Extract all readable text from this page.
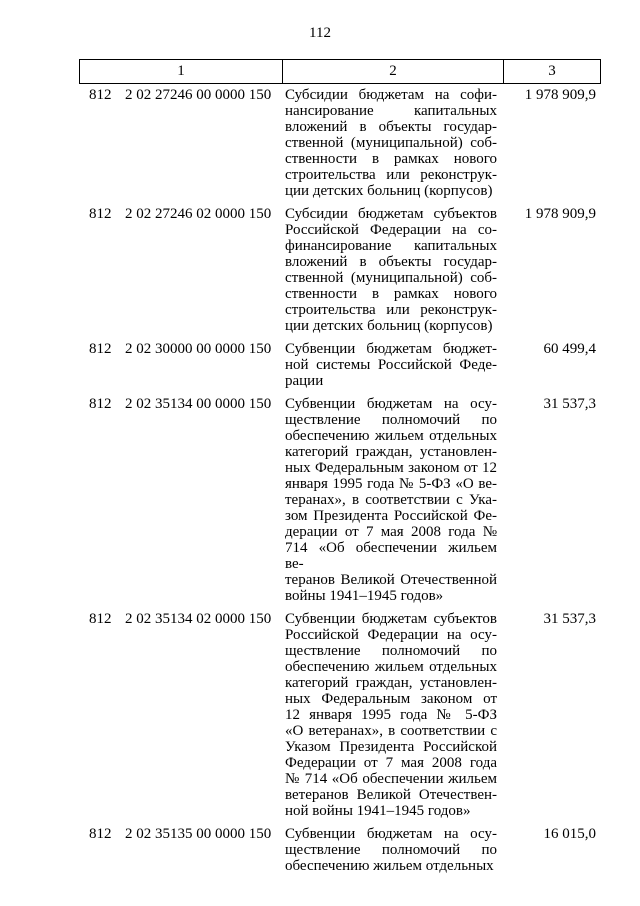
112
1	2	3
812 2 02 27246 00 0000 150 Субсидии бюджетам на софи-
нансирование капитальных
вложений в объекты государ-
ственной (муниципальной) соб-
ственности в рамках нового
строительства или реконструк-
ции детских больниц (корпусов)
1 978 909,9
812 2 02 27246 02 0000 150 Субсидии бюджетам субъектов
Российской Федерации на со-
финансирование капитальных
вложений в объекты государ-
ственной (муниципальной) соб-
ственности в рамках нового
строительства или реконструк-
ции детских больниц (корпусов)
1 978 909,9
812 2 02 30000 00 0000 150 Субвенции бюджетам бюджет-
ной системы Российской Феде-
рации
60 499,4
812 2 02 35134 00 0000 150 Субвенции бюджетам на осу-
ществление полномочий по
обеспечению жильем отдельных
категорий граждан, установлен-
ных Федеральным законом от 12
января 1995 года № 5-ФЗ «О ве-
теранах», в соответствии с Ука-
зом Президента Российской Фе-
дерации от 7 мая 2008 года №
714 «Об обеспечении жильем ве-
теранов Великой Отечественной
войны 1941–1945 годов»
31 537,3
812 2 02 35134 02 0000 150 Субвенции бюджетам субъектов
Российской Федерации на осу-
ществление полномочий по
обеспечению жильем отдельных
категорий граждан, установлен-
ных Федеральным законом от
12 января 1995 года № 5-ФЗ
«О ветеранах», в соответствии с
Указом Президента Российской
Федерации от 7 мая 2008 года
№ 714 «Об обеспечении жильем
ветеранов Великой Отечествен-
ной войны 1941–1945 годов»
31 537,3
812 2 02 35135 00 0000 150 Субвенции бюджетам на осу-
ществление полномочий по
обеспечению жильем отдельных
16 015,0
